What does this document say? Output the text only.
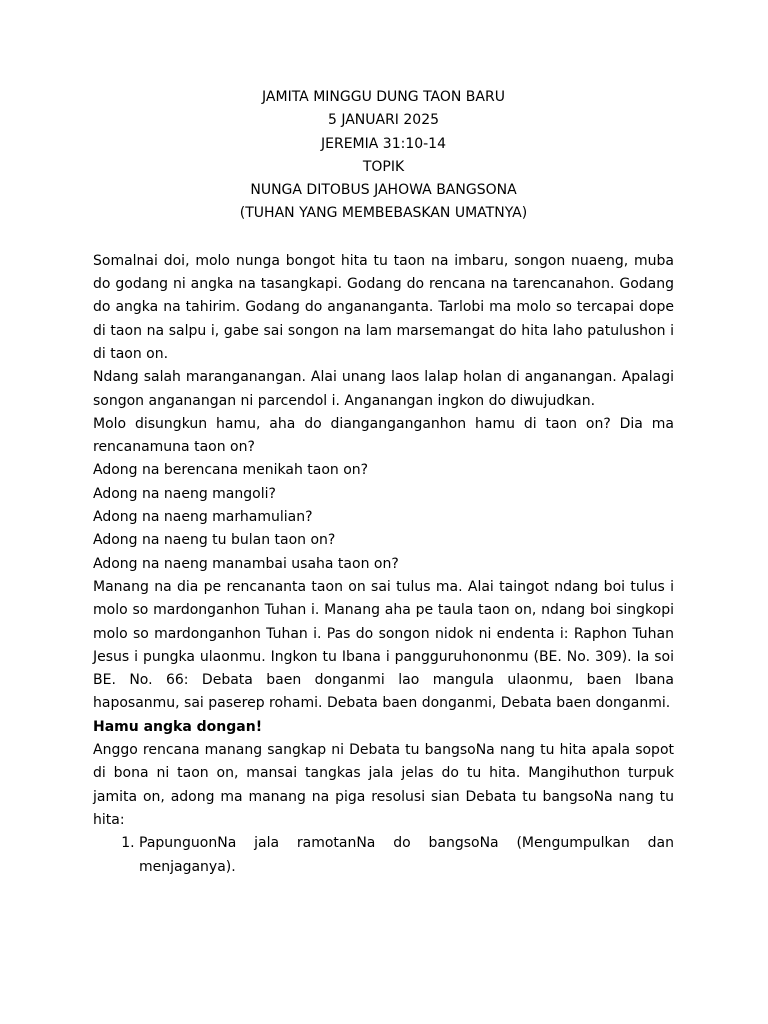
JAMITA MINGGU DUNG TAON BARU
5 JANUARI 2025
JEREMIA 31:10-14
TOPIK
NUNGA DITOBUS JAHOWA BANGSONA
(TUHAN YANG MEMBEBASKAN UMATNYA)
Somalnai doi, molo nunga bongot hita tu taon na imbaru, songon nuaeng, muba do godang ni angka na tasangkapi. Godang do rencana na tarencanahon. Godang do angka na tahirim. Godang do angananganta. Tarlobi ma molo so tercapai dope di taon na salpu i, gabe sai songon na lam marsemangat do hita laho patulushon i di taon on.
Ndang salah maranganangan. Alai unang laos lalap holan di anganangan. Apalagi songon anganangan ni parcendol i. Anganangan ingkon do diwujudkan.
Molo disungkun hamu, aha do dianganganganhon hamu di taon on? Dia ma rencanamuna taon on?
Adong na berencana menikah taon on?
Adong na naeng mangoli?
Adong na naeng marhamulian?
Adong na naeng tu bulan taon on?
Adong na naeng manambai usaha taon on?
Manang na dia pe rencananta taon on sai tulus ma. Alai taingot ndang boi tulus i molo so mardonganhon Tuhan i. Manang aha pe taula taon on, ndang boi singkopi molo so mardonganhon Tuhan i. Pas do songon nidok ni endenta i: Raphon Tuhan Jesus i pungka ulaonmu. Ingkon tu Ibana i pangguruhononmu (BE. No. 309). Ia soi BE. No. 66: Debata baen donganmi lao mangula ulaonmu, baen Ibana haposanmu, sai paserep rohami. Debata baen donganmi, Debata baen donganmi.
Hamu angka dongan!
Anggo rencana manang sangkap ni Debata tu bangsoNa nang tu hita apala sopot di bona ni taon on, mansai tangkas jala jelas do tu hita. Mangihuthon turpuk jamita on, adong ma manang na piga resolusi sian Debata tu bangsoNa nang tu hita:
1. PapunguonNa jala ramotanNa do bangsoNa (Mengumpulkan dan menjaganya).
